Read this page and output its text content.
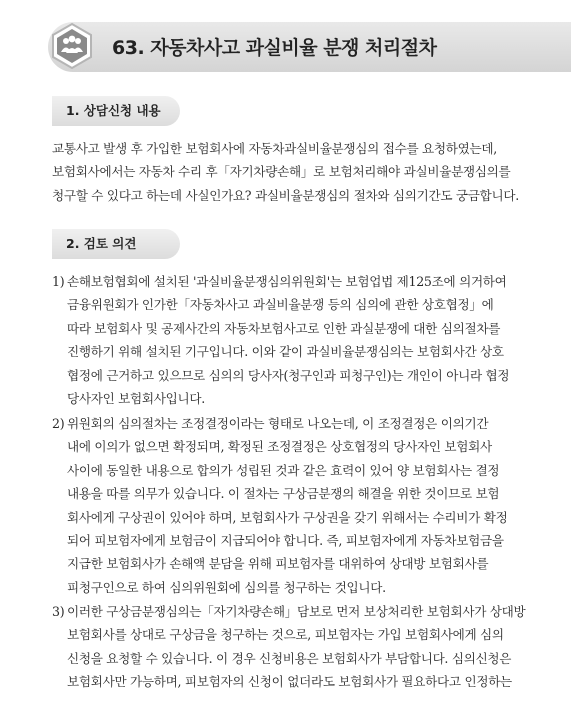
63. 자동차사고 과실비율 분쟁 처리절차
1. 상담신청 내용
교통사고 발생 후 가입한 보험회사에 자동차과실비율분쟁심의 접수를 요청하였는데,
보험회사에서는 자동차 수리 후「자기차량손해」로 보험처리해야 과실비율분쟁심의를
청구할 수 있다고 하는데 사실인가요? 과실비율분쟁심의 절차와 심의기간도 궁금합니다.
2. 검토 의견
1) 손해보험협회에 설치된 '과실비율분쟁심의위원회'는 보험업법 제125조에 의거하여
금융위원회가 인가한「자동차사고 과실비율분쟁 등의 심의에 관한 상호협정」에
따라 보험회사 및 공제사간의 자동차보험사고로 인한 과실분쟁에 대한 심의절차를
진행하기 위해 설치된 기구입니다. 이와 같이 과실비율분쟁심의는 보험회사간 상호
협정에 근거하고 있으므로 심의의 당사자(청구인과 피청구인)는 개인이 아니라 협정
당사자인 보험회사입니다.
2) 위원회의 심의절차는 조정결정이라는 형태로 나오는데, 이 조정결정은 이의기간
내에 이의가 없으면 확정되며, 확정된 조정결정은 상호협정의 당사자인 보험회사
사이에 동일한 내용으로 합의가 성립된 것과 같은 효력이 있어 양 보험회사는 결정
내용을 따를 의무가 있습니다. 이 절차는 구상금분쟁의 해결을 위한 것이므로 보험
회사에게 구상권이 있어야 하며, 보험회사가 구상권을 갖기 위해서는 수리비가 확정
되어 피보험자에게 보험금이 지급되어야 합니다. 즉, 피보험자에게 자동차보험금을
지급한 보험회사가 손해액 분담을 위해 피보험자를 대위하여 상대방 보험회사를
피청구인으로 하여 심의위원회에 심의를 청구하는 것입니다.
3) 이러한 구상금분쟁심의는「자기차량손해」담보로 먼저 보상처리한 보험회사가 상대방
보험회사를 상대로 구상금을 청구하는 것으로, 피보험자는 가입 보험회사에게 심의
신청을 요청할 수 있습니다. 이 경우 신청비용은 보험회사가 부담합니다. 심의신청은
보험회사만 가능하며, 피보험자의 신청이 없더라도 보험회사가 필요하다고 인정하는
